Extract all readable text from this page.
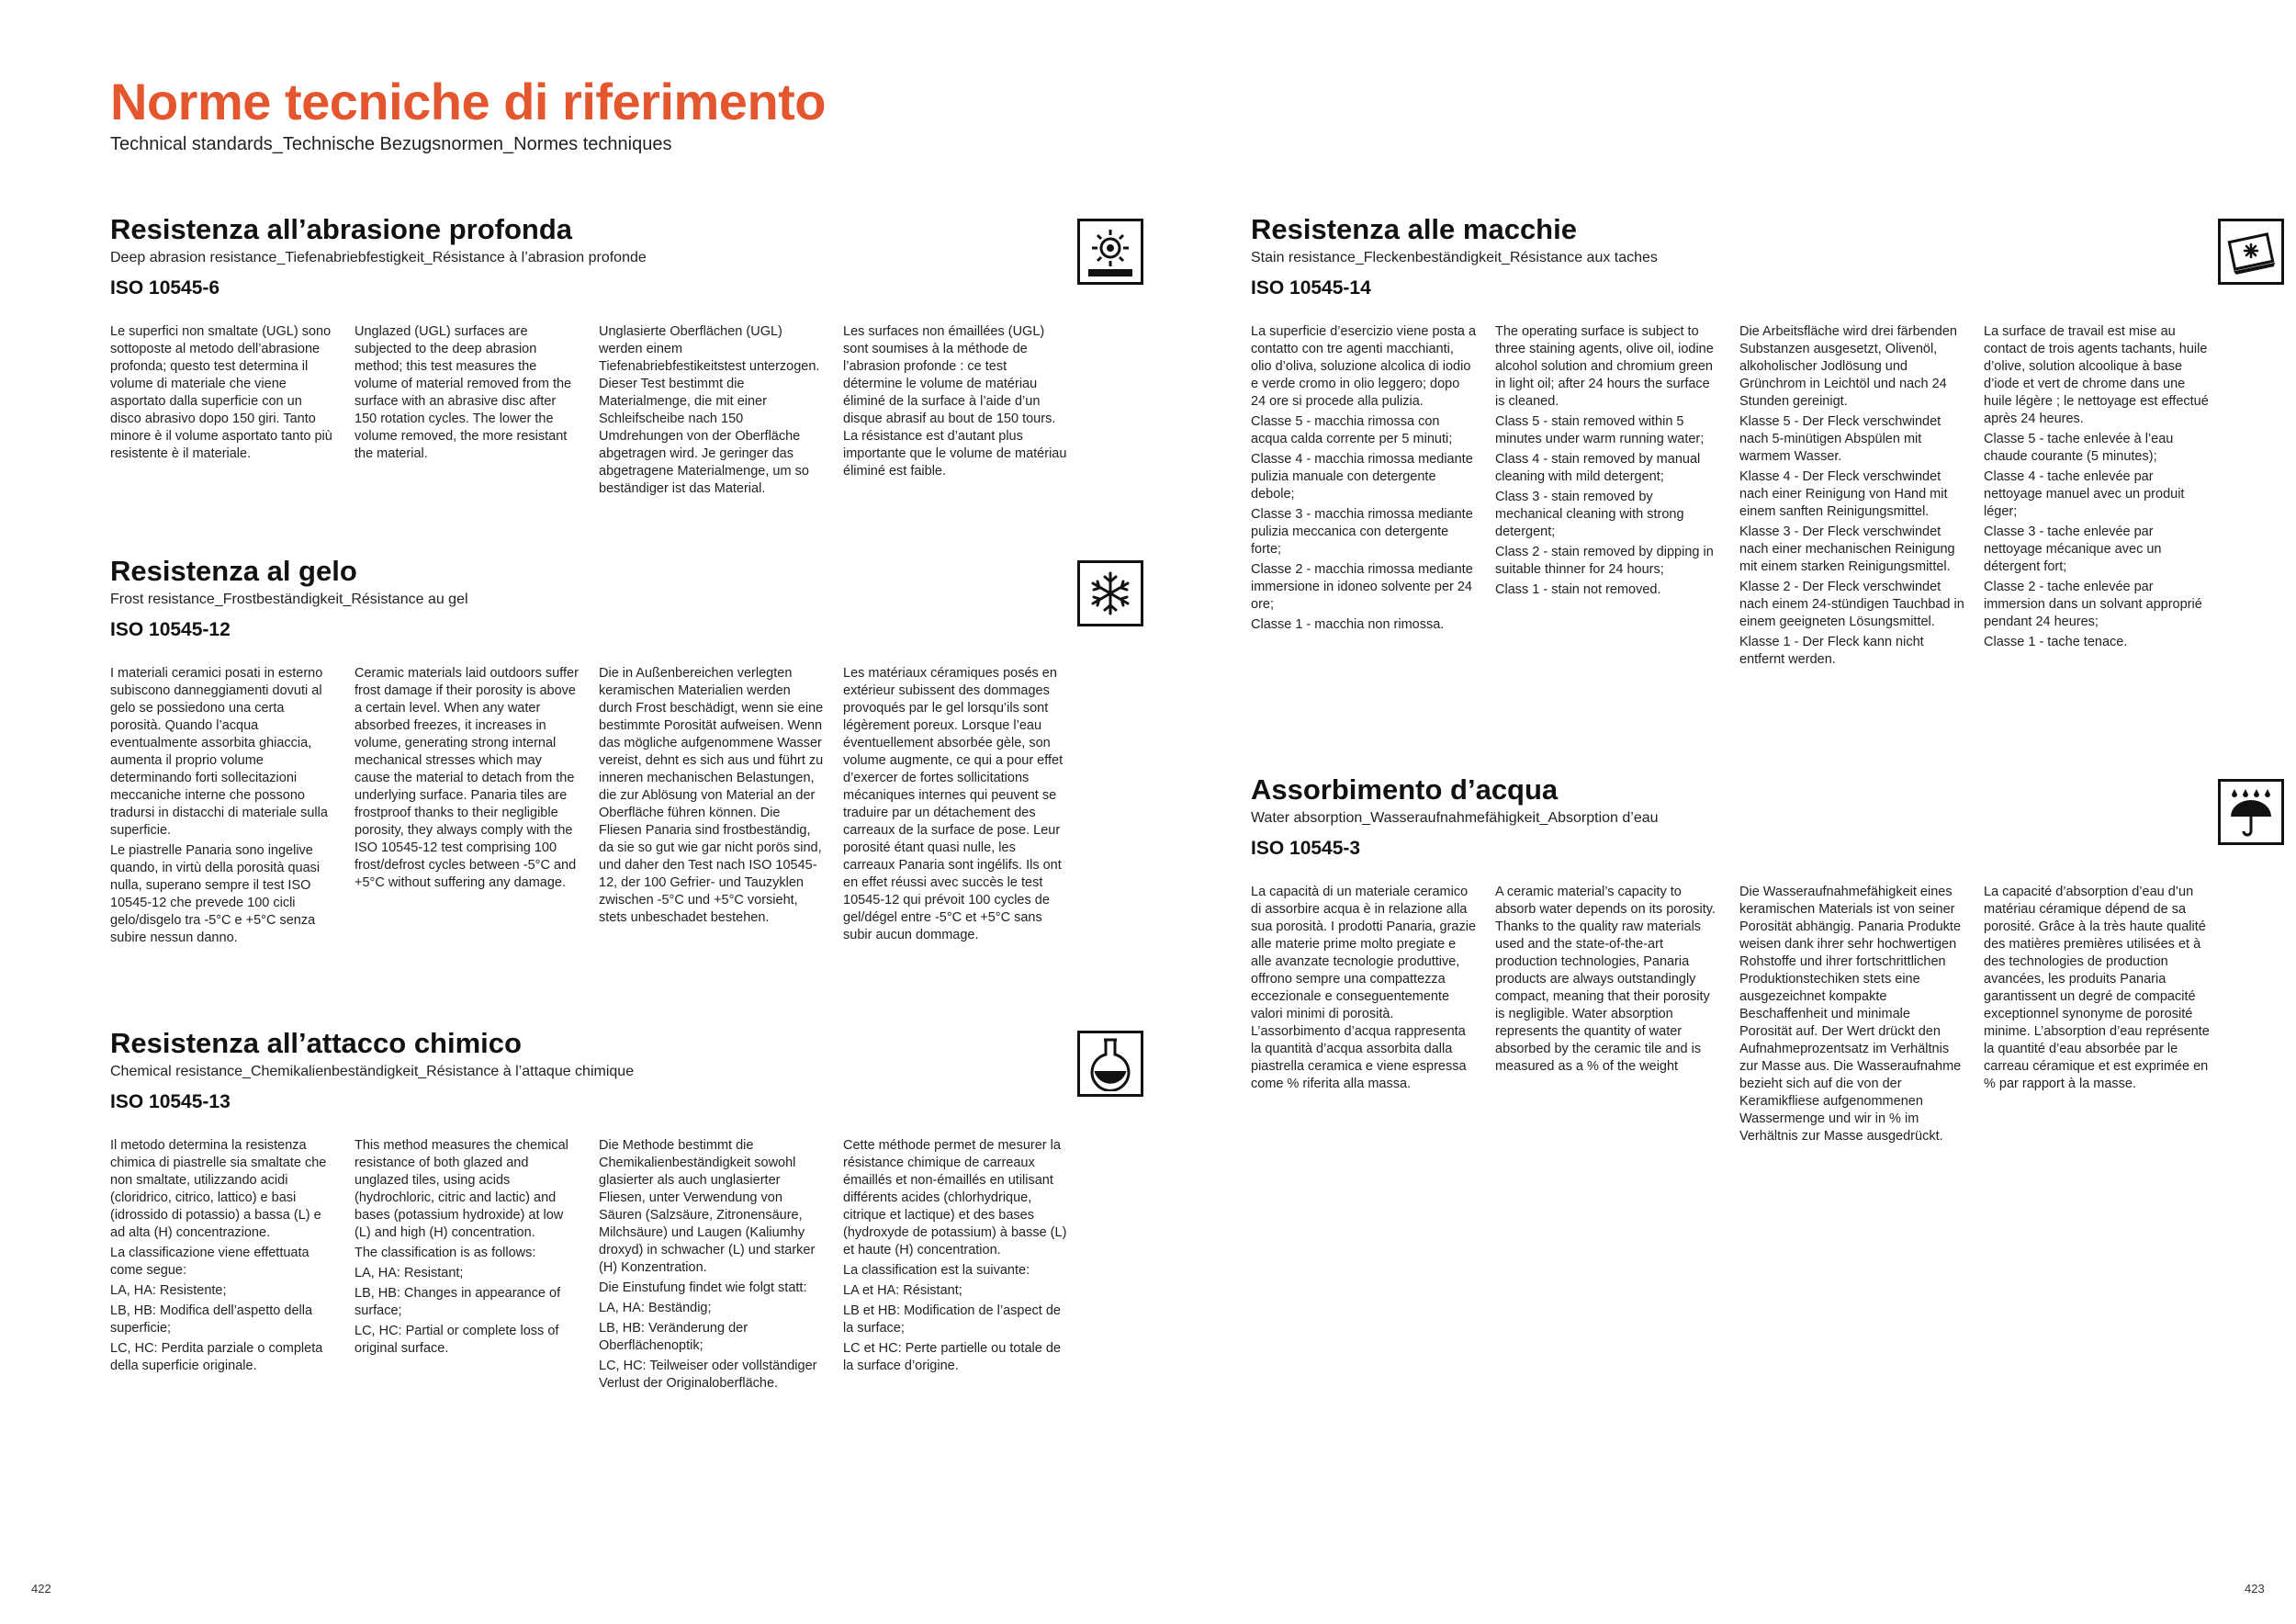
Norme tecniche di riferimento
Technical standards_Technische Bezugsnormen_Normes techniques
Resistenza all’abrasione profonda
Deep abrasion resistance_Tiefenabriebfestigkeit_Résistance à l’abrasion profonde
ISO 10545-6

Le superfici non smaltate (UGL) sono sottoposte al metodo dell’abrasione profonda; questo test determina il volume di materiale che viene asportato dalla superficie con un disco abrasivo dopo 150 giri. Tanto minore è il volume asportato tanto più resistente è il materiale.

Unglazed (UGL) surfaces are subjected to the deep abrasion method; this test measures the volume of material removed from the surface with an abrasive disc after 150 rotation cycles. The lower the volume removed, the more resistant the material.

Unglasierte Oberflächen (UGL) werden einem Tiefenabriebfestikeitstest unterzogen. Dieser Test bestimmt die Materialmenge, die mit einer Schleifscheibe nach 150 Umdrehungen von der Oberfläche abgetragen wird. Je geringer das abgetragene Materialmenge, um so beständiger ist das Material.

Les surfaces non émaillées (UGL) sont soumises à la méthode de l’abrasion profonde : ce test détermine le volume de matériau éliminé de la surface à l’aide d’un disque abrasif au bout de 150 tours. La résistance est d’autant plus importante que le volume de matériau éliminé est faible.

Resistenza al gelo
Frost resistance_Frostbeständigkeit_Résistance au gel
ISO 10545-12

I materiali ceramici posati in esterno subiscono danneggiamenti dovuti al gelo se possiedono una certa porosità. Quando l’acqua eventualmente assorbita ghiaccia, aumenta il proprio volume determinando forti sollecitazioni meccaniche interne che possono tradursi in distacchi di materiale sulla superficie.

Le piastrelle Panaria sono ingelive quando, in virtù della porosità quasi nulla, superano sempre il test ISO 10545-12 che prevede 100 cicli gelo/disgelo tra -5°C e +5°C senza subire nessun danno.

Ceramic materials laid outdoors suffer frost damage if their porosity is above a certain level. When any water absorbed freezes, it increases in volume, generating strong internal mechanical stresses which may cause the material to detach from the underlying surface. Panaria tiles are frostproof thanks to their negligible porosity, they always comply with the ISO 10545-12 test comprising 100 frost/defrost cycles between -5°C and +5°C without suffering any damage.

Die in Außenbereichen verlegten keramischen Materialien werden durch Frost beschädigt, wenn sie eine bestimmte Porosität aufweisen. Wenn das mögliche aufgenommene Wasser vereist, dehnt es sich aus und führt zu inneren mechanischen Belastungen, die zur Ablösung von Material an der Oberfläche führen können. Die Fliesen Panaria sind frostbeständig, da sie so gut wie gar nicht porös sind, und daher den Test nach ISO 10545-12, der 100 Gefrier- und Tauzyklen zwischen -5°C und +5°C vorsieht, stets unbeschadet bestehen.

Les matériaux céramiques posés en extérieur subissent des dommages provoqués par le gel lorsqu’ils sont légèrement poreux. Lorsque l’eau éventuellement absorbée gèle, son volume augmente, ce qui a pour effet d’exercer de fortes sollicitations mécaniques internes qui peuvent se traduire par un détachement des carreaux de la surface de pose. Leur porosité étant quasi nulle, les carreaux Panaria sont ingélifs. Ils ont en effet réussi avec succès le test 10545-12 qui prévoit 100 cycles de gel/dégel entre -5°C et +5°C sans subir aucun dommage.

Resistenza all’attacco chimico
Chemical resistance_Chemikalienbeständigkeit_Résistance à l’attaque chimique
ISO 10545-13

Il metodo determina la resistenza chimica di piastrelle sia smaltate che non smaltate, utilizzando acidi (cloridrico, citrico, lattico) e basi (idrossido di potassio) a bassa (L) e ad alta (H) concentrazione.

La classificazione viene effettuata come segue:

LA, HA: Resistente;

LB, HB: Modifica dell’aspetto della superficie;

LC, HC: Perdita parziale o completa della superficie originale.

This method measures the chemical resistance of both glazed and unglazed tiles, using acids (hydrochloric, citric and lactic) and bases (potassium hydroxide) at low (L) and high (H) concentration.

The classification is as follows:

LA, HA: Resistant;

LB, HB: Changes in appearance of surface;

LC, HC: Partial or complete loss of original surface.

Die Methode bestimmt die Chemikalienbeständigkeit sowohl glasierter als auch unglasierter Fliesen, unter Verwendung von Säuren (Salzsäure, Zitronensäure, Milchsäure) und Laugen (Kaliumhy droxyd) in schwacher (L) und starker (H) Konzentration.

Die Einstufung findet wie folgt statt:

LA, HA: Beständig;

LB, HB: Veränderung der Oberflächenoptik;

LC, HC: Teilweiser oder vollständiger Verlust der Originaloberfläche.

Cette méthode permet de mesurer la résistance chimique de carreaux émaillés et non-émaillés en utilisant différents acides (chlorhydrique, citrique et lactique) et des bases (hydroxyde de potassium) à basse (L) et haute (H) concentration.

La classification est la suivante:

LA et HA: Résistant;

LB et HB: Modification de l’aspect de la surface;

LC et HC: Perte partielle ou totale de la surface d’origine.

Resistenza alle macchie
Stain resistance_Fleckenbeständigkeit_Résistance aux taches
ISO 10545-14

La superficie d’esercizio viene posta a contatto con tre agenti macchianti, olio d’oliva, soluzione alcolica di iodio e verde cromo in olio leggero; dopo 24 ore si procede alla pulizia.

Classe 5 - macchia rimossa con acqua calda corrente per 5 minuti;

Classe 4 - macchia rimossa mediante pulizia manuale con detergente debole;

Classe 3 - macchia rimossa mediante pulizia meccanica con detergente forte;

Classe 2 - macchia rimossa mediante immersione in idoneo solvente per 24 ore;

Classe 1 - macchia non rimossa.

The operating surface is subject to three staining agents, olive oil, iodine alcohol solution and chromium green in light oil; after 24 hours the surface is cleaned.

Class 5 - stain removed within 5 minutes under warm running water;

Class 4 - stain removed by manual cleaning with mild detergent;

Class 3 - stain removed by mechanical cleaning with strong detergent;

Class 2 - stain removed by dipping in suitable thinner for 24 hours;

Class 1 - stain not removed.

Die Arbeitsfläche wird drei färbenden Substanzen ausgesetzt, Olivenöl, alkoholischer Jodlösung und Grünchrom in Leichtöl und nach 24 Stunden gereinigt.

Klasse 5 - Der Fleck verschwindet nach 5-minütigen Abspülen mit warmem Wasser.

Klasse 4 - Der Fleck verschwindet nach einer Reinigung von Hand mit einem sanften Reinigungsmittel.

Klasse 3 - Der Fleck verschwindet nach einer mechanischen Reinigung mit einem starken Reinigungsmittel.

Klasse 2 - Der Fleck verschwindet nach einem 24-stündigen Tauchbad in einem geeigneten Lösungsmittel.

Klasse 1 - Der Fleck kann nicht entfernt werden.

La surface de travail est mise au contact de trois agents tachants, huile d’olive, solution alcoolique à base d’iode et vert de chrome dans une huile légère ; le nettoyage est effectué après 24 heures.

Classe 5 - tache enlevée à l’eau chaude courante (5 minutes);

Classe 4 - tache enlevée par nettoyage manuel avec un produit léger;

Classe 3 - tache enlevée par nettoyage mécanique avec un détergent fort;

Classe 2 - tache enlevée par immersion dans un solvant approprié pendant 24 heures;

Classe 1 - tache tenace.

Assorbimento d’acqua
Water absorption_Wasseraufnahmefähigkeit_Absorption d’eau
ISO 10545-3

La capacità di un materiale ceramico di assorbire acqua è in relazione alla sua porosità. I prodotti Panaria, grazie alle materie prime molto pregiate e alle avanzate tecnologie produttive, offrono sempre una compattezza eccezionale e conseguentemente valori minimi di porosità. L’assorbimento d’acqua rappresenta la quantità d’acqua assorbita dalla piastrella ceramica e viene espressa come % riferita alla massa.

A ceramic material’s capacity to absorb water depends on its porosity. Thanks to the quality raw materials used and the state-of-the-art production technologies, Panaria products are always outstandingly compact, meaning that their porosity is negligible. Water absorption represents the quantity of water absorbed by the ceramic tile and is measured as a % of the weight

Die Wasseraufnahmefähigkeit eines keramischen Materials ist von seiner Porosität abhängig. Panaria Produkte weisen dank ihrer sehr hochwertigen Rohstoffe und ihrer fortschrittlichen Produktionstechiken stets eine ausgezeichnet kompakte Beschaffenheit und minimale Porosität auf. Der Wert drückt den Aufnahmeprozentsatz im Verhältnis zur Masse aus. Die Wasseraufnahme bezieht sich auf die von der Keramikfliese aufgenommenen Wassermenge und wir in % im Verhältnis zur Masse ausgedrückt.

La capacité d’absorption d’eau d’un matériau céramique dépend de sa porosité. Grâce à la très haute qualité des matières premières utilisées et à des technologies de production avancées, les produits Panaria garantissent un degré de compacité exceptionnel synonyme de porosité minime. L’absorption d’eau représente la quantité d’eau absorbée par le carreau céramique et est exprimée en % par rapport à la masse.

422	423
